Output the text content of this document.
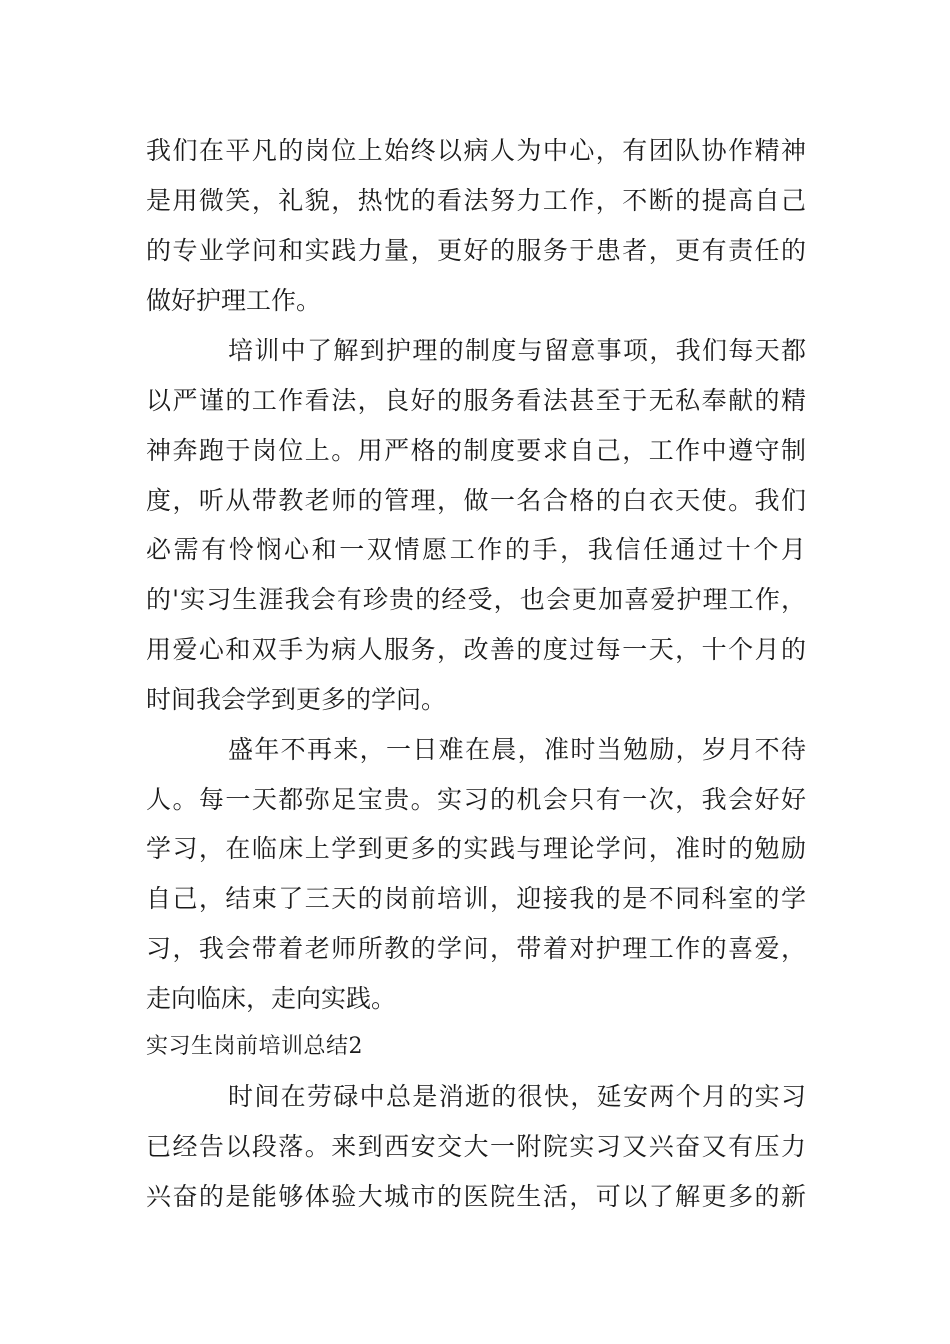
我们在平凡的岗位上始终以病人为中心，有团队协作精神
是用微笑，礼貌，热忱的看法努力工作，不断的提高自己
的专业学问和实践力量，更好的服务于患者，更有责任的
做好护理工作。
培训中了解到护理的制度与留意事项，我们每天都
以严谨的工作看法，良好的服务看法甚至于无私奉献的精
神奔跑于岗位上。用严格的制度要求自己，工作中遵守制
度，听从带教老师的管理，做一名合格的白衣天使。我们
必需有怜悯心和一双情愿工作的手，我信任通过十个月
的'实习生涯我会有珍贵的经受，也会更加喜爱护理工作，
用爱心和双手为病人服务，改善的度过每一天，十个月的
时间我会学到更多的学问。
盛年不再来，一日难在晨，准时当勉励，岁月不待
人。每一天都弥足宝贵。实习的机会只有一次，我会好好
学习，在临床上学到更多的实践与理论学问，准时的勉励
自己，结束了三天的岗前培训，迎接我的是不同科室的学
习，我会带着老师所教的学问，带着对护理工作的喜爱，
走向临床，走向实践。
实习生岗前培训总结2
时间在劳碌中总是消逝的很快，延安两个月的实习
已经告以段落。来到西安交大一附院实习又兴奋又有压力
兴奋的是能够体验大城市的医院生活，可以了解更多的新
